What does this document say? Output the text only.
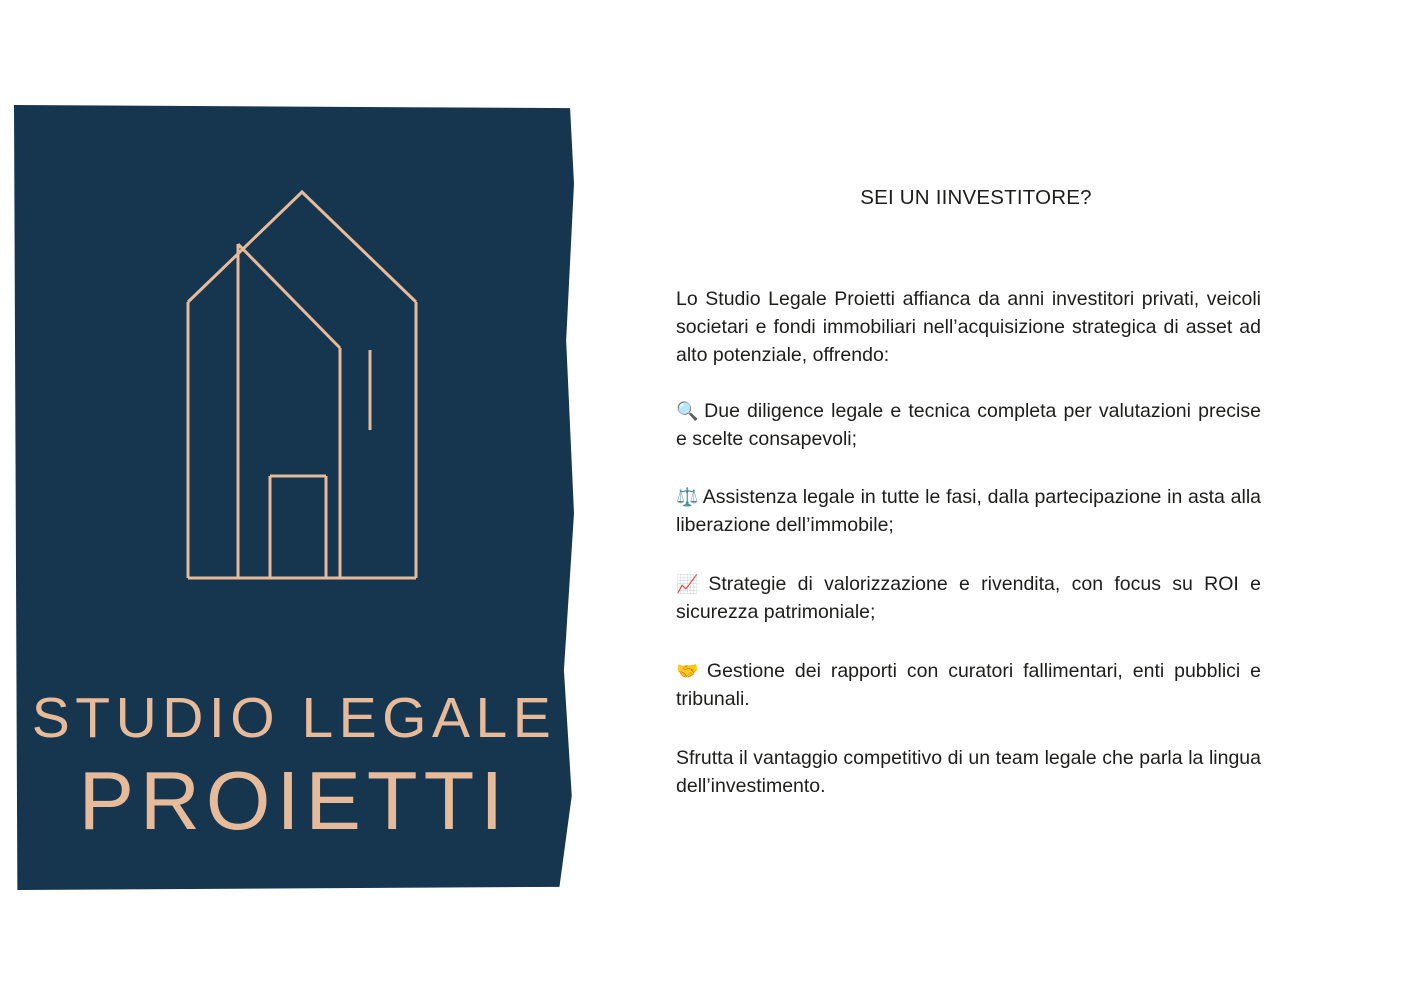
STUDIO LEGALE
PROIETTI
SEI UN IINVESTITORE?

Lo Studio Legale Proietti affianca da anni investitori privati, veicoli societari e fondi immobiliari nell’acquisizione strategica di asset ad alto potenziale, offrendo:

🔍 Due diligence legale e tecnica completa per valutazioni precise e scelte consapevoli;

⚖️ Assistenza legale in tutte le fasi, dalla partecipazione in asta alla liberazione dell’immobile;

📈 Strategie di valorizzazione e rivendita, con focus su ROI e sicurezza patrimoniale;

🤝 Gestione dei rapporti con curatori fallimentari, enti pubblici e tribunali.

Sfrutta il vantaggio competitivo di un team legale che parla la lingua dell’investimento.
